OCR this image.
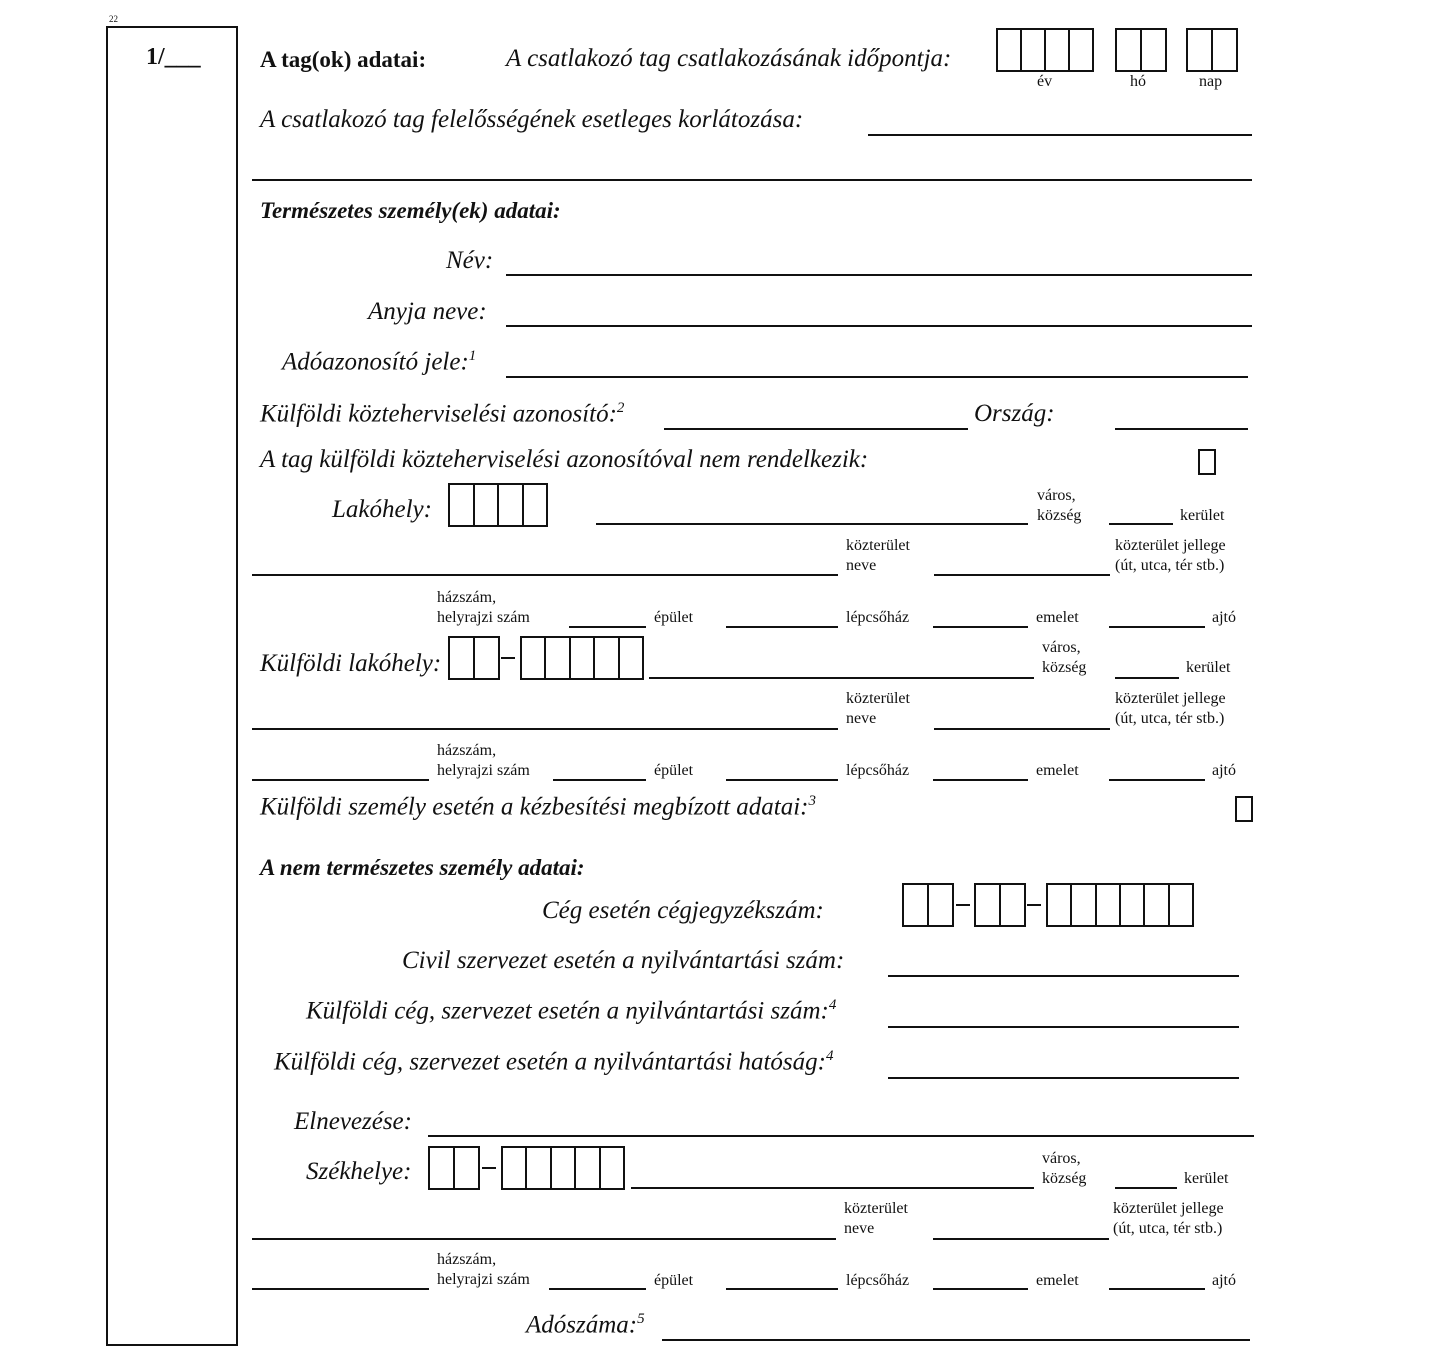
22
1/___	A tag(ok) adatai:	A csatlakozó tag csatlakozásának időpontja:
év	hó	nap
A csatlakozó tag felelősségének esetleges korlátozása:
Természetes személy(ek) adatai:
Név:
Anyja neve:
Adóazonosító jele:$^1$
Külföldi közteherviselési azonosító:$^2$	Ország:
A tag külföldi közteherviselési azonosítóval nem rendelkezik:
Lakóhely:
város,
község	kerület
közterület
neve
közterület jellege
(út, utca, tér stb.)
házszám,
helyrajzi szám	épület	lépcsőház	emelet	ajtó
Külföldi lakóhely:
város,
község	kerület
közterület
neve
közterület jellege
(út, utca, tér stb.)
házszám,
helyrajzi szám	épület	lépcsőház	emelet	ajtó
Külföldi személy esetén a kézbesítési megbízott adatai:$^3$
A nem természetes személy adatai:
Cég esetén cégjegyzékszám:
Civil szervezet esetén a nyilvántartási szám:
Külföldi cég, szervezet esetén a nyilvántartási szám:$^4$
Külföldi cég, szervezet esetén a nyilvántartási hatóság:$^4$
Elnevezése:
Székhelye:	város,
község	kerület
közterület
neve
közterület jellege
(út, utca, tér stb.)
házszám,
helyrajzi szám	épület	lépcsőház	emelet	ajtó
Adószáma:$^5$
